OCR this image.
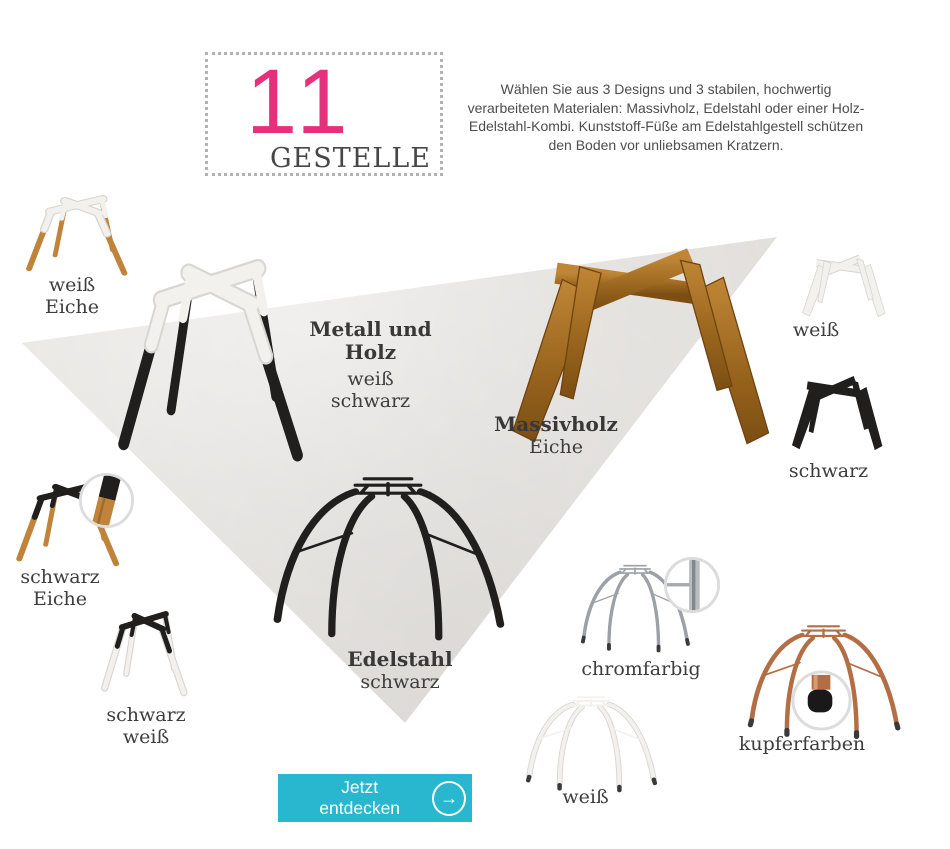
11
GESTELLE
Wählen Sie aus 3 Designs und 3 stabilen, hochwertig verarbeiteten Materialen: Massivholz, Edelstahl oder einer Holz-Edelstahl-Kombi. Kunststoff-Füße am Edelstahlgestell schützen den Boden vor unliebsamen Kratzern.
weiß
Eiche
Metall und
Holz
weiß
schwarz
Massivholz
Eiche
weiß
schwarz
schwarz
Eiche
schwarz
weiß
Edelstahl
schwarz
chromfarbig
kupferfarben
weiß
Jetzt entdecken	→
